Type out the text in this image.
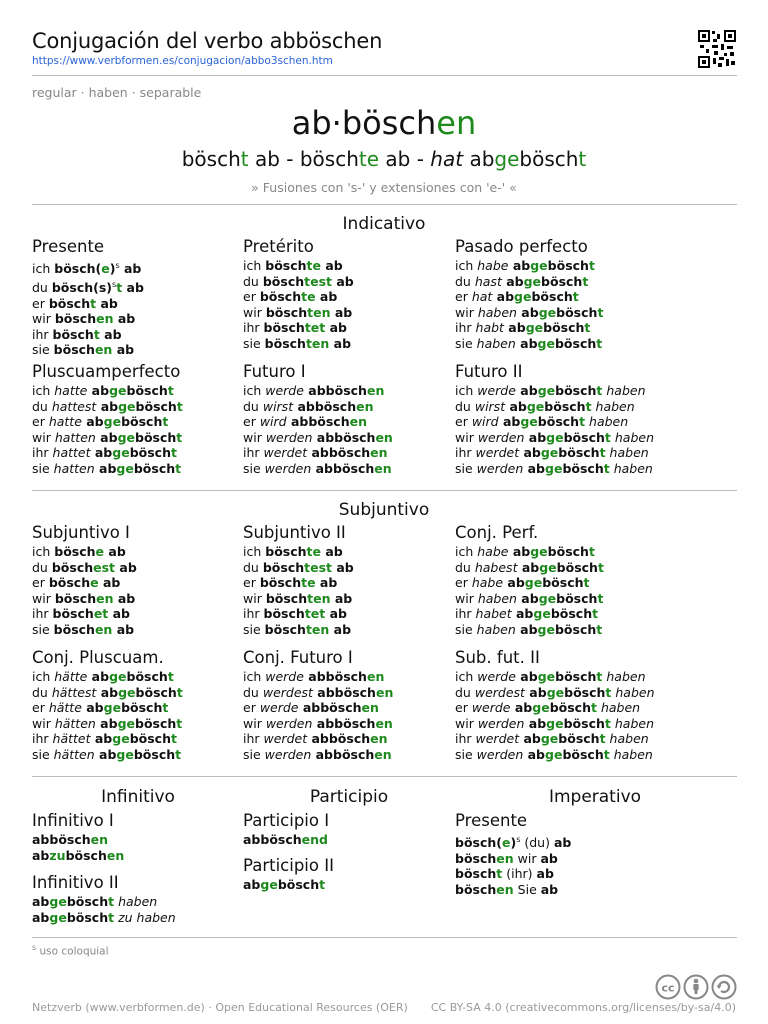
Conjugación del verbo abböschen
https://www.verbformen.es/conjugacion/abbo3schen.htm
regular · haben · separable
ab·böschen
böscht ab - böschte ab - hat abgeböscht
» Fusiones con 's-' y extensiones con 'e-' «
Indicativo
Presente
ich $bösch(e)^s$ ab
du $bösch(s)^st$ ab
er böscht ab
wir böschen ab
ihr böscht ab
sie böschen ab
Pretérito
ich böschte ab
du böschtest ab
er böschte ab
wir böschten ab
ihr böschtet ab
sie böschten ab
Pasado perfecto
ich habe abgeböscht
du hast abgeböscht
er hat abgeböscht
wir haben abgeböscht
ihr habt abgeböscht
sie haben abgeböscht
Pluscuamperfecto
ich hatte abgeböscht
du hattest abgeböscht
er hatte abgeböscht
wir hatten abgeböscht
ihr hattet abgeböscht
sie hatten abgeböscht
Futuro I
ich werde abböschen
du wirst abböschen
er wird abböschen
wir werden abböschen
ihr werdet abböschen
sie werden abböschen
Futuro II
ich werde abgeböscht haben
du wirst abgeböscht haben
er wird abgeböscht haben
wir werden abgeböscht haben
ihr werdet abgeböscht haben
sie werden abgeböscht haben
Subjuntivo
Subjuntivo I
ich bösche ab
du böschest ab
er bösche ab
wir böschen ab
ihr böschet ab
sie böschen ab
Subjuntivo II
ich böschte ab
du böschtest ab
er böschte ab
wir böschten ab
ihr böschtet ab
sie böschten ab
Conj. Perf.
ich habe abgeböscht
du habest abgeböscht
er habe abgeböscht
wir haben abgeböscht
ihr habet abgeböscht
sie haben abgeböscht
Conj. Pluscuam.
ich hätte abgeböscht
du hättest abgeböscht
er hätte abgeböscht
wir hätten abgeböscht
ihr hättet abgeböscht
sie hätten abgeböscht
Conj. Futuro I
ich werde abböschen
du werdest abböschen
er werde abböschen
wir werden abböschen
ihr werdet abböschen
sie werden abböschen
Sub. fut. II
ich werde abgeböscht haben
du werdest abgeböscht haben
er werde abgeböscht haben
wir werden abgeböscht haben
ihr werdet abgeböscht haben
sie werden abgeböscht haben
Infinitivo	Participio	Imperativo
Infinitivo I
abböschen
abzuböschen
Infinitivo II
abgeböscht haben
abgeböscht zu haben
Participio I
abböschend
Participio II
abgeböscht
Presente
$bösch(e)^s$ (du) ab
böschen wir ab
böscht (ihr) ab
böschen Sie ab
$^s$ uso coloquial
cc
Netzverb (www.verbformen.de) · Open Educational Resources (OER) CC BY-SA 4.0 (creativecommons.org/licenses/by-sa/4.0)
